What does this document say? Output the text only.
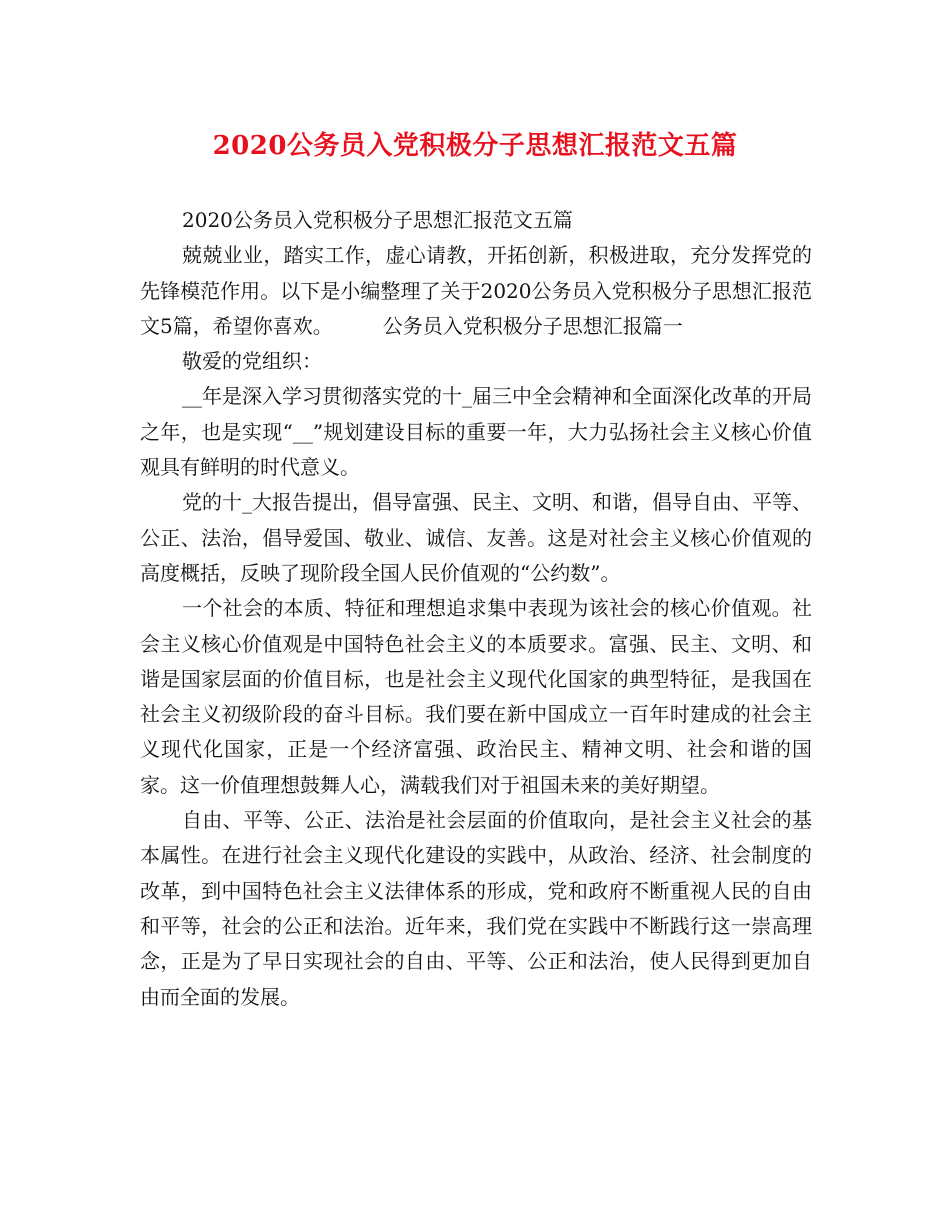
2020公务员入党积极分子思想汇报范文五篇

2020公务员入党积极分子思想汇报范文五篇

兢兢业业，踏实工作，虚心请教，开拓创新，积极进取，充分发挥党的先锋模范作用。以下是小编整理了关于2020公务员入党积极分子思想汇报范文5篇，希望你喜欢。　　　公务员入党积极分子思想汇报篇一

敬爱的党组织：

__年是深入学习贯彻落实党的十_届三中全会精神和全面深化改革的开局之年，也是实现“__”规划建设目标的重要一年，大力弘扬社会主义核心价值观具有鲜明的时代意义。

党的十_大报告提出，倡导富强、民主、文明、和谐，倡导自由、平等、公正、法治，倡导爱国、敬业、诚信、友善。这是对社会主义核心价值观的高度概括，反映了现阶段全国人民价值观的“公约数”。

一个社会的本质、特征和理想追求集中表现为该社会的核心价值观。社会主义核心价值观是中国特色社会主义的本质要求。富强、民主、文明、和谐是国家层面的价值目标，也是社会主义现代化国家的典型特征，是我国在社会主义初级阶段的奋斗目标。我们要在新中国成立一百年时建成的社会主义现代化国家，正是一个经济富强、政治民主、精神文明、社会和谐的国家。这一价值理想鼓舞人心，满载我们对于祖国未来的美好期望。

自由、平等、公正、法治是社会层面的价值取向，是社会主义社会的基本属性。在进行社会主义现代化建设的实践中，从政治、经济、社会制度的改革，到中国特色社会主义法律体系的形成，党和政府不断重视人民的自由和平等，社会的公正和法治。近年来，我们党在实践中不断践行这一崇高理念，正是为了早日实现社会的自由、平等、公正和法治，使人民得到更加自由而全面的发展。
